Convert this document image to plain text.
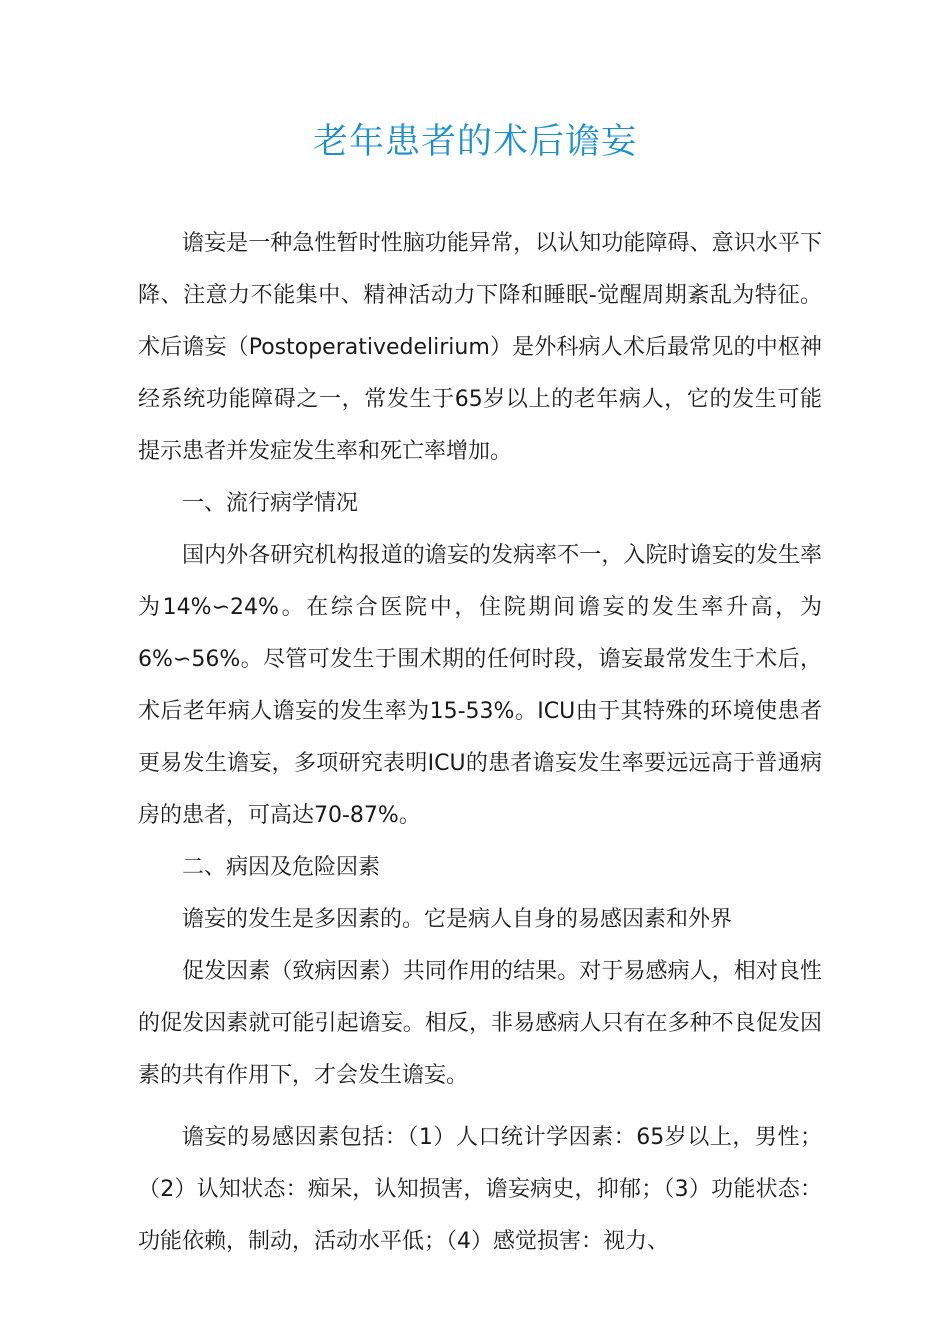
老年患者的术后谵妄

谵妄是一种急性暂时性脑功能异常，以认知功能障碍、意识水平下降、注意力不能集中、精神活动力下降和睡眠-觉醒周期紊乱为特征。术后谵妄（Postoperativedelirium）是外科病人术后最常见的中枢神经系统功能障碍之一，常发生于65岁以上的老年病人，它的发生可能提示患者并发症发生率和死亡率增加。

一、流行病学情况

国内外各研究机构报道的谵妄的发病率不一，入院时谵妄的发生率为14%∽24%。在综合医院中，住院期间谵妄的发生率升高，为6%∽56%。尽管可发生于围术期的任何时段，谵妄最常发生于术后，术后老年病人谵妄的发生率为15-53%。ICU由于其特殊的环境使患者更易发生谵妄，多项研究表明ICU的患者谵妄发生率要远远高于普通病房的患者，可高达70-87%。

二、病因及危险因素

谵妄的发生是多因素的。它是病人自身的易感因素和外界

促发因素（致病因素）共同作用的结果。对于易感病人，相对良性的促发因素就可能引起谵妄。相反，非易感病人只有在多种不良促发因素的共有作用下，才会发生谵妄。

谵妄的易感因素包括：（1）人口统计学因素：65岁以上，男性；（2）认知状态：痴呆，认知损害，谵妄病史，抑郁；（3）功能状态：功能依赖，制动，活动水平低；（4）感觉损害：视力、
